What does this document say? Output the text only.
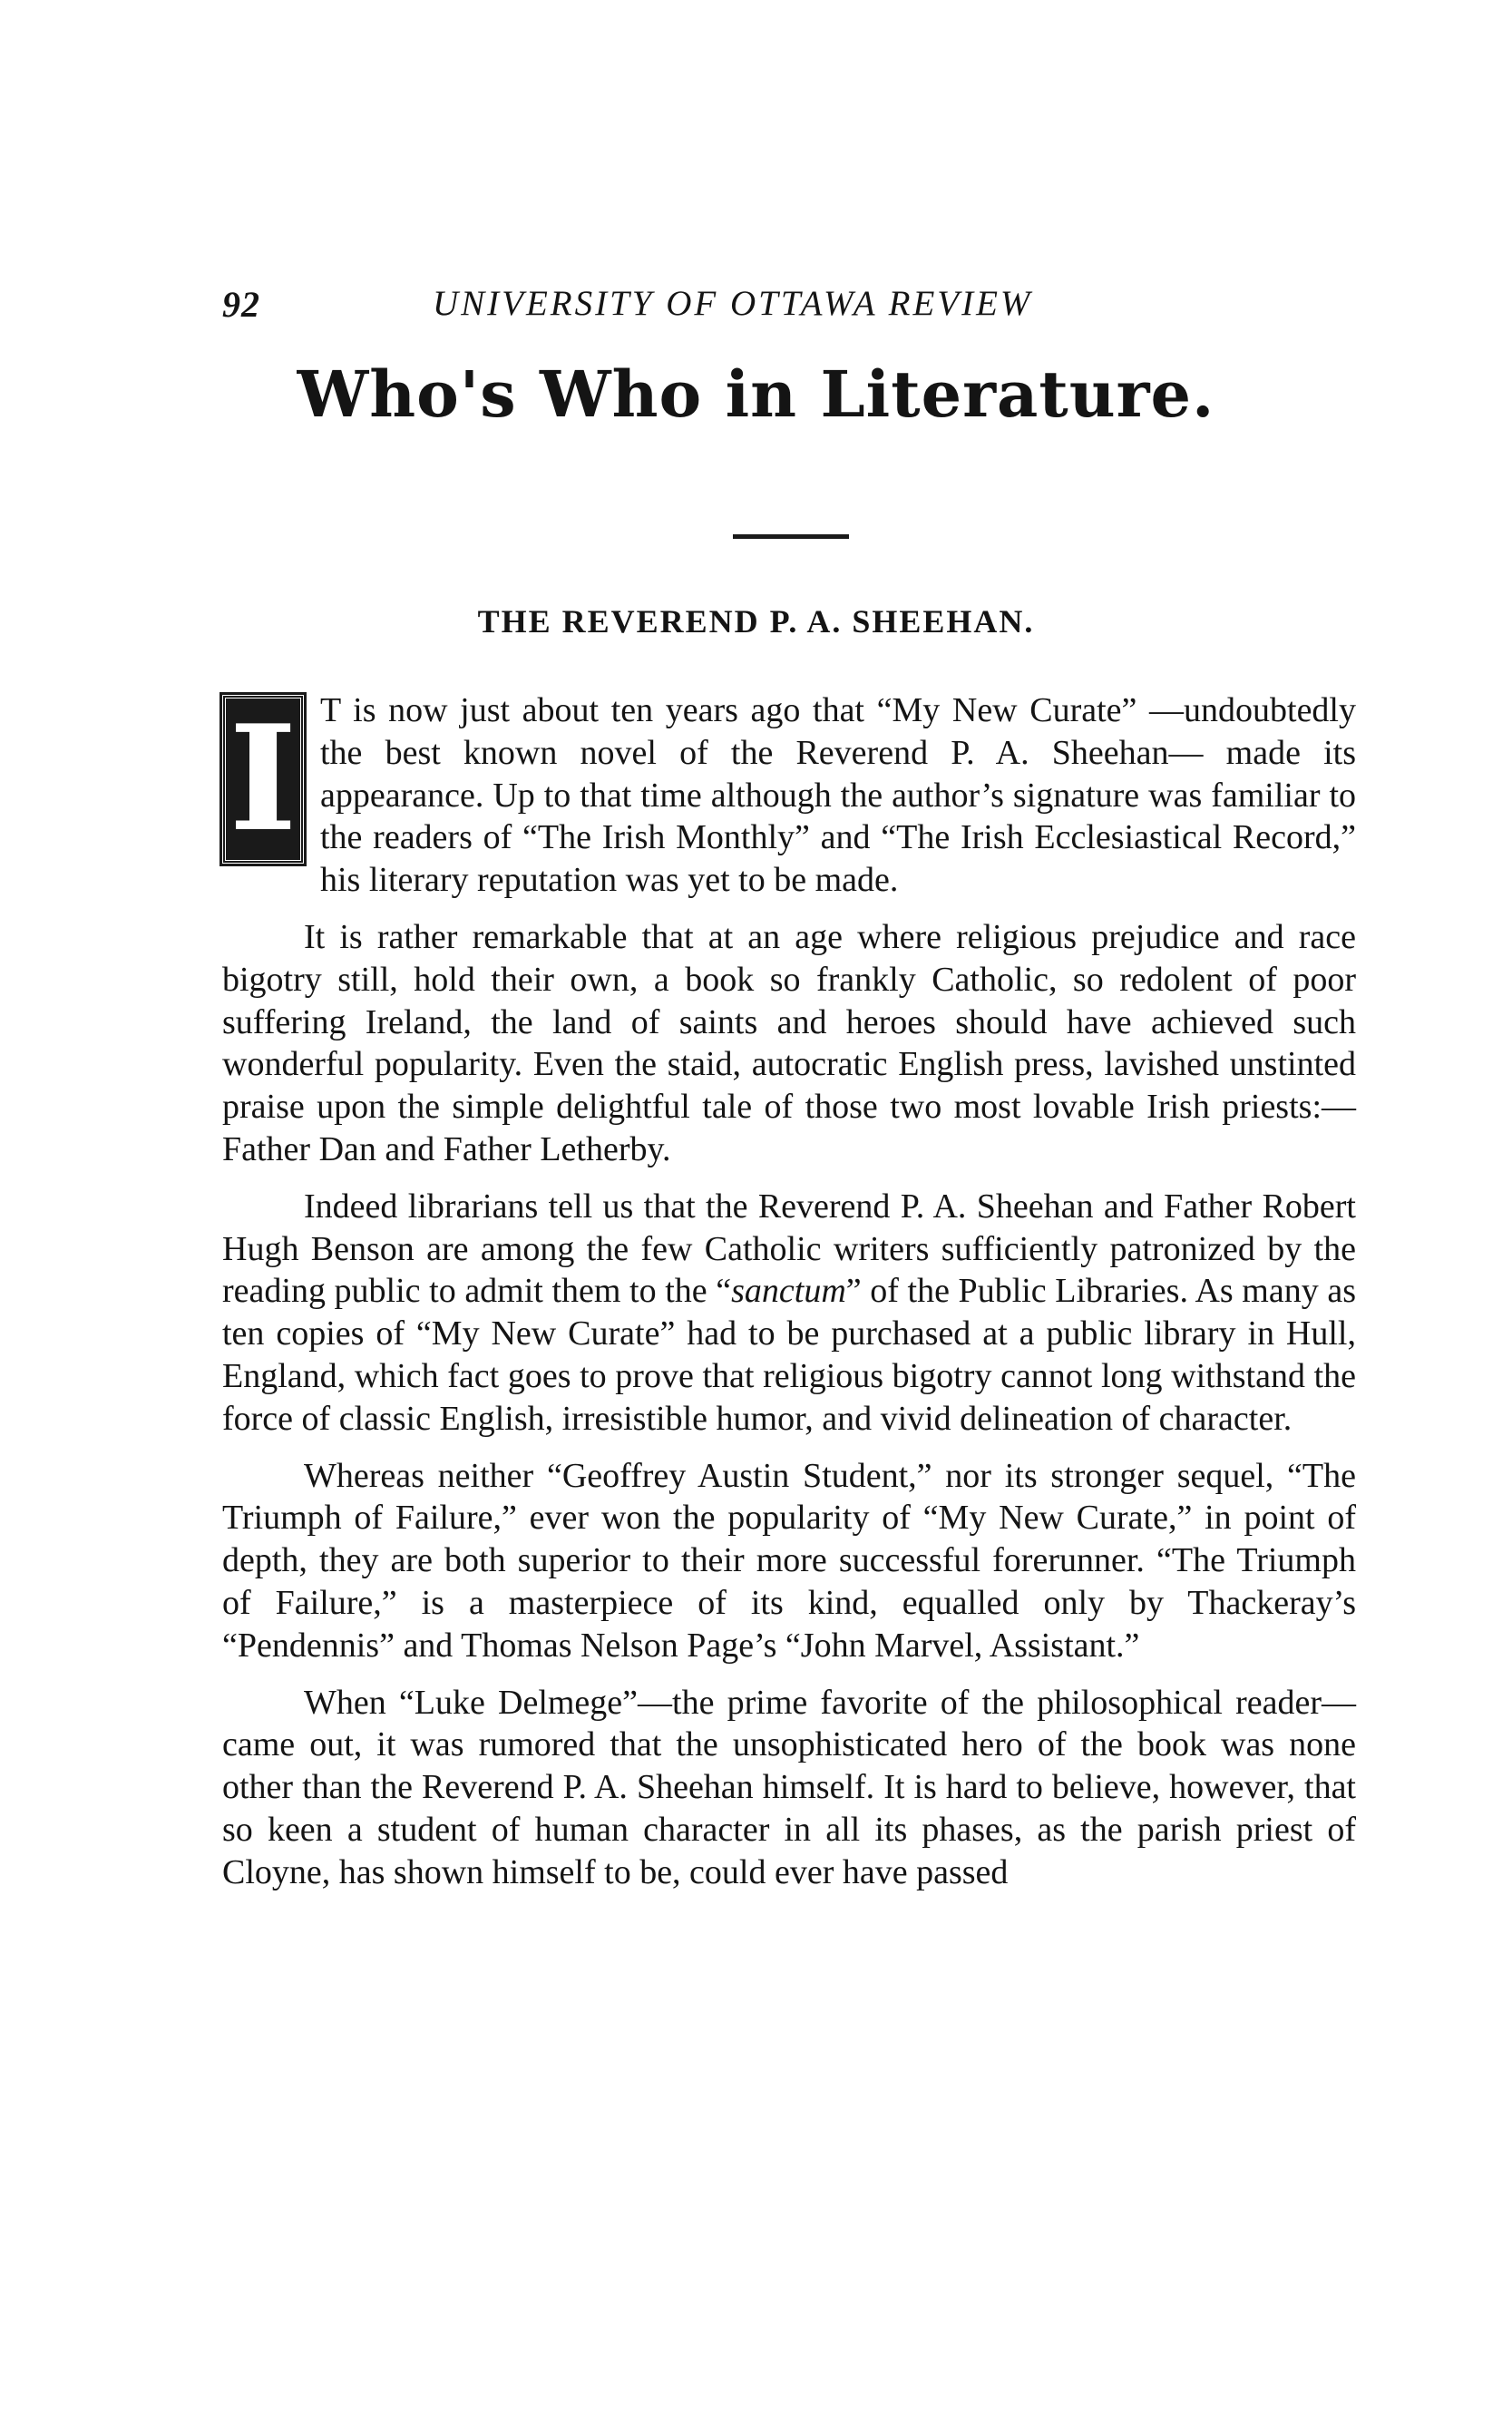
92	UNIVERSITY OF OTTAWA REVIEW
Who's Who in Literature.
THE REVEREND P. A. SHEEHAN.

I T is now just about ten years ago that “My New Curate” —undoubtedly the best known novel of the Reverend P. A. Sheehan— made its appearance. Up to that time although the author’s signature was familiar to the readers of “The Irish Monthly” and “The Irish Ecclesiastical Record,” his literary reputation was yet to be made.

It is rather remarkable that at an age where religious prejudice and race bigotry still, hold their own, a book so frankly Catholic, so redolent of poor suffering Ireland, the land of saints and heroes should have achieved such wonderful popularity. Even the staid, autocratic English press, lavished unstinted praise upon the simple delightful tale of those two most lovable Irish priests:—Father Dan and Father Letherby.

Indeed librarians tell us that the Reverend P. A. Sheehan and Father Robert Hugh Benson are among the few Catholic writers sufficiently patronized by the reading public to admit them to the “sanctum” of the Public Libraries. As many as ten copies of “My New Curate” had to be purchased at a public library in Hull, England, which fact goes to prove that religious bigotry cannot long withstand the force of classic English, irresistible humor, and vivid delineation of character.

Whereas neither “Geoffrey Austin Student,” nor its stronger sequel, “The Triumph of Failure,” ever won the popularity of “My New Curate,” in point of depth, they are both superior to their more successful forerunner. “The Triumph of Failure,” is a masterpiece of its kind, equalled only by Thackeray’s “Pendennis” and Thomas Nelson Page’s “John Marvel, Assistant.”

When “Luke Delmege”—the prime favorite of the philosophical reader—came out, it was rumored that the unsophisticated hero of the book was none other than the Reverend P. A. Sheehan himself. It is hard to believe, however, that so keen a student of human character in all its phases, as the parish priest of Cloyne, has shown himself to be, could ever have passed
